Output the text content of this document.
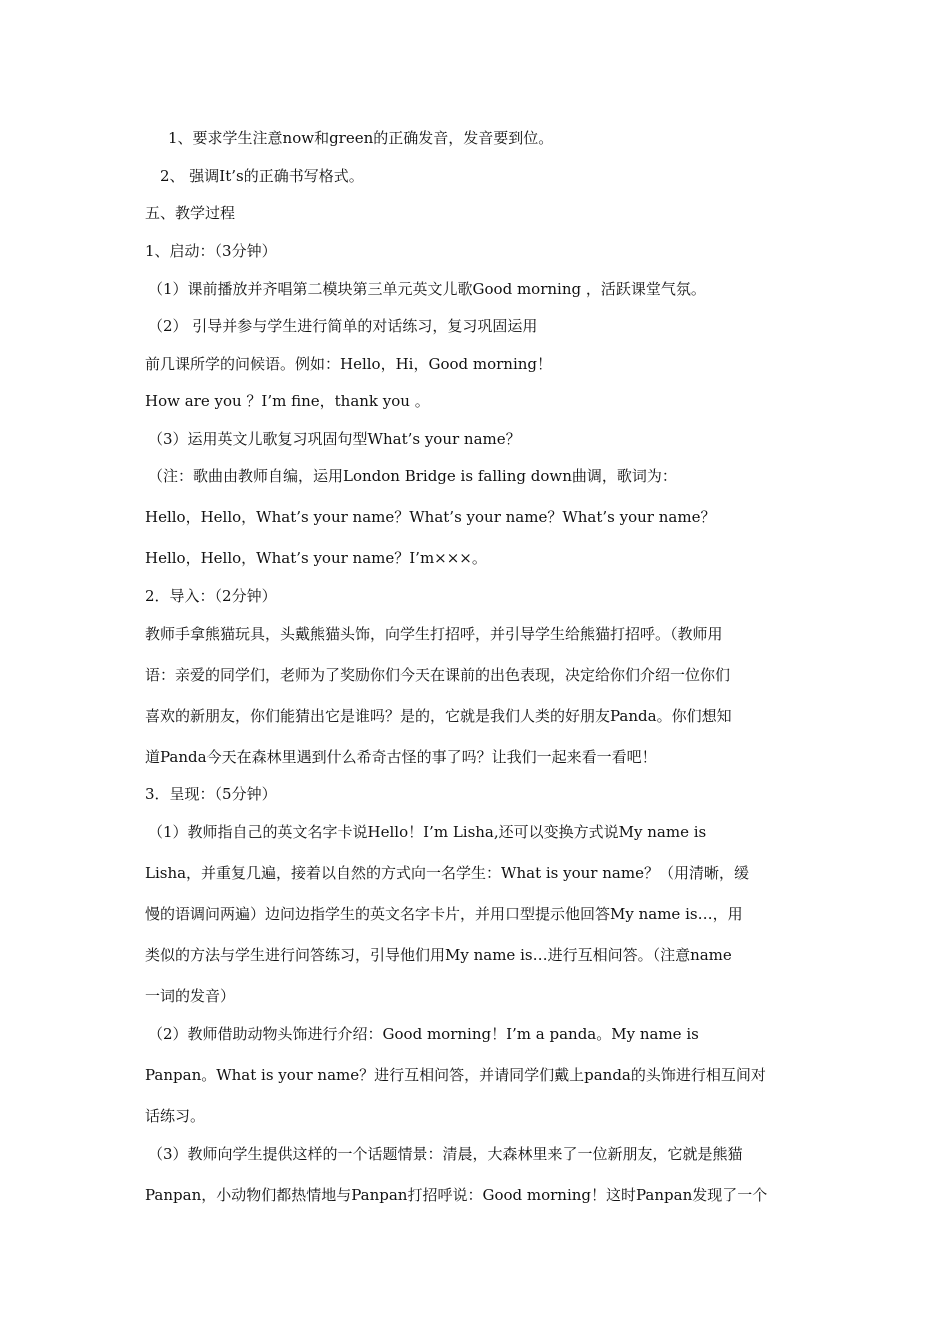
1、要求学生注意now和green的正确发音，发音要到位。
2、 强调It’s的正确书写格式。
五、教学过程
1、启动：（3分钟）
（1）课前播放并齐唱第二模块第三单元英文儿歌Good morning ，活跃课堂气氛。
（2） 引导并参与学生进行简单的对话练习，复习巩固运用
前几课所学的问候语。例如：Hello，Hi，Good morning！
How are you ？I’m fine，thank you 。
（3）运用英文儿歌复习巩固句型What’s your name？
（注：歌曲由教师自编，运用London Bridge is falling down曲调，歌词为：
Hello，Hello，What’s your name？What’s your name？What’s your name？
Hello，Hello，What’s your name？I’m×××。
2．导入：（2分钟）
教师手拿熊猫玩具，头戴熊猫头饰，向学生打招呼，并引导学生给熊猫打招呼。（教师用
语：亲爱的同学们，老师为了奖励你们今天在课前的出色表现，决定给你们介绍一位你们
喜欢的新朋友，你们能猜出它是谁吗？是的，它就是我们人类的好朋友Panda。你们想知
道Panda今天在森林里遇到什么希奇古怪的事了吗？让我们一起来看一看吧！
3．呈现：（5分钟）
（1）教师指自己的英文名字卡说Hello！I’m Lisha,还可以变换方式说My name is
Lisha，并重复几遍，接着以自然的方式向一名学生：What is your name？（用清晰，缓
慢的语调问两遍）边问边指学生的英文名字卡片，并用口型提示他回答My name is…，用
类似的方法与学生进行问答练习，引导他们用My name is…进行互相问答。（注意name
一词的发音）
（2）教师借助动物头饰进行介绍：Good morning！I’m a panda。My name is
Panpan。What is your name？进行互相问答，并请同学们戴上panda的头饰进行相互间对
话练习。
（3）教师向学生提供这样的一个话题情景：清晨，大森林里来了一位新朋友，它就是熊猫
Panpan，小动物们都热情地与Panpan打招呼说：Good morning！这时Panpan发现了一个
